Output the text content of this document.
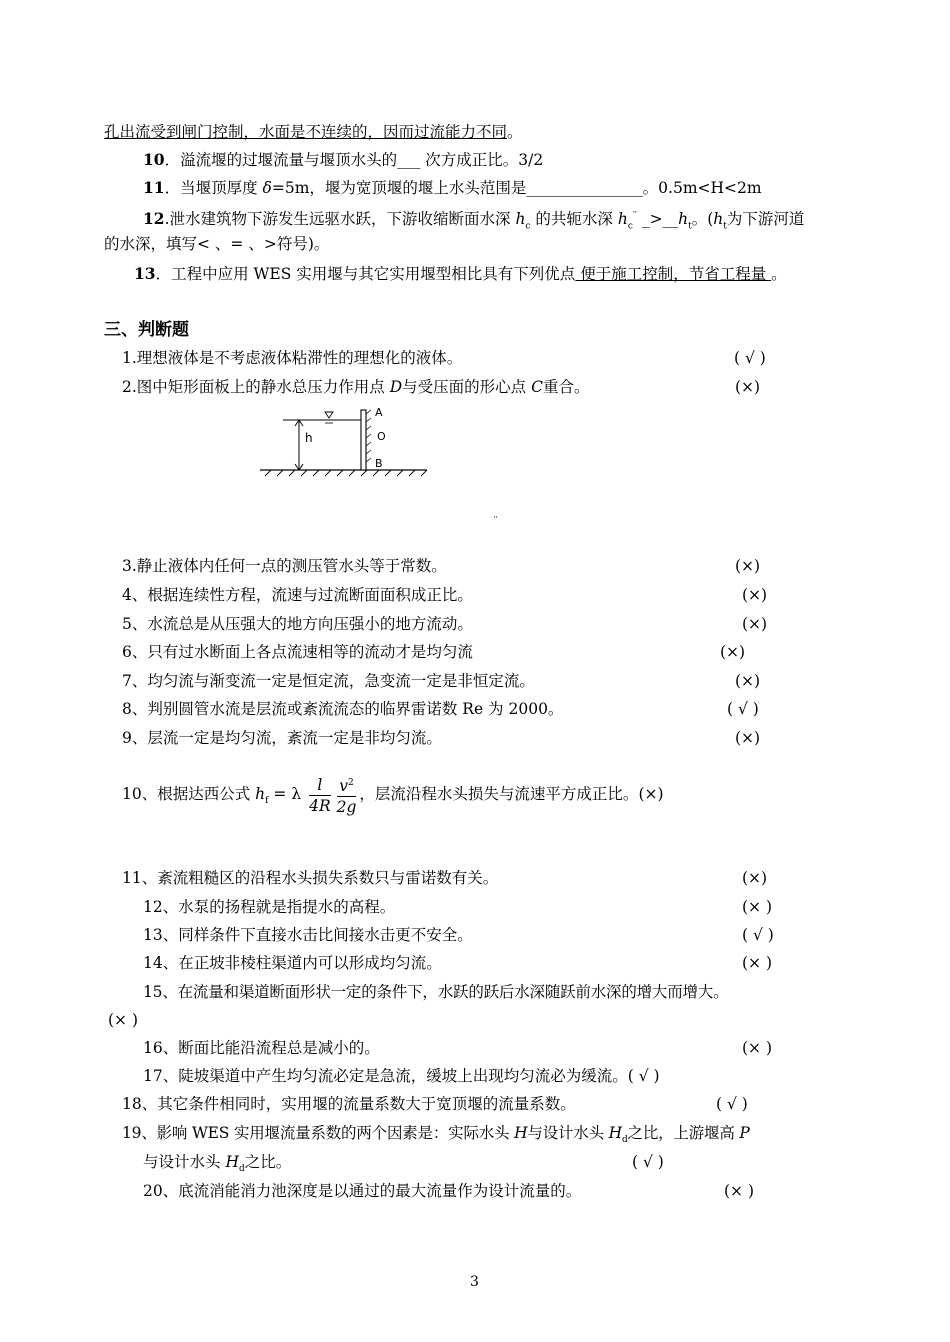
孔出流受到闸门控制，水面是不连续的，因而过流能力不同。
10．溢流堰的过堰流量与堰顶水头的___ 次方成正比。3/2
11．当堰顶厚度 δ=5m，堰为宽顶堰的堰上水头范围是_______________。0.5m<H<2m
12.泄水建筑物下游发生远驱水跃，下游收缩断面水深 $h_c$ 的共轭水深 $h_c''$ $\_>\_\_h_t$。($h_t$为下游河道
的水深，填写< 、= 、>符号)。
13．工程中应用 WES 实用堰与其它实用堰型相比具有下列优点 便于施工控制，节省工程量 。
三、判断题
1.理想液体是不考虑液体粘滞性的理想化的液体。	( √ )
2.图中矩形面板上的静水总压力作用点 D与受压面的形心点 C重合。	(×)
h
A
O
B
¨
3.静止液体内任何一点的测压管水头等于常数。	(×)
4、根据连续性方程，流速与过流断面面积成正比。	(×)
5、水流总是从压强大的地方向压强小的地方流动。	(×)
6、只有过水断面上各点流速相等的流动才是均匀流	(×)
7、均匀流与渐变流一定是恒定流，急变流一定是非恒定流。	(×)
8、判别圆管水流是层流或紊流流态的临界雷诺数 Re 为 2000。	( √ )
9、层流一定是均匀流，紊流一定是非均匀流。	(×)
10、根据达西公式 $h_f = \lambda \frac{l}{4R} \frac{v^2}{2g}$ ，层流沿程水头损失与流速平方成正比。(×)
11、紊流粗糙区的沿程水头损失系数只与雷诺数有关。	(×)
12、水泵的扬程就是指提水的高程。	(× )
13、同样条件下直接水击比间接水击更不安全。	( √ )
14、在正坡非棱柱渠道内可以形成均匀流。	(× )
15、在流量和渠道断面形状一定的条件下，水跃的跃后水深随跃前水深的增大而增大。
(× )
16、断面比能沿流程总是减小的。	(× )
17、陡坡渠道中产生均匀流必定是急流，缓坡上出现均匀流必为缓流。( √ )
18、其它条件相同时，实用堰的流量系数大于宽顶堰的流量系数。	( √ )
19、影响 WES 实用堰流量系数的两个因素是：实际水头 H与设计水头 $H_d$之比，上游堰高 P
与设计水头 $H_d$之比。	( √ )
20、底流消能消力池深度是以通过的最大流量作为设计流量的。	(× )
3
